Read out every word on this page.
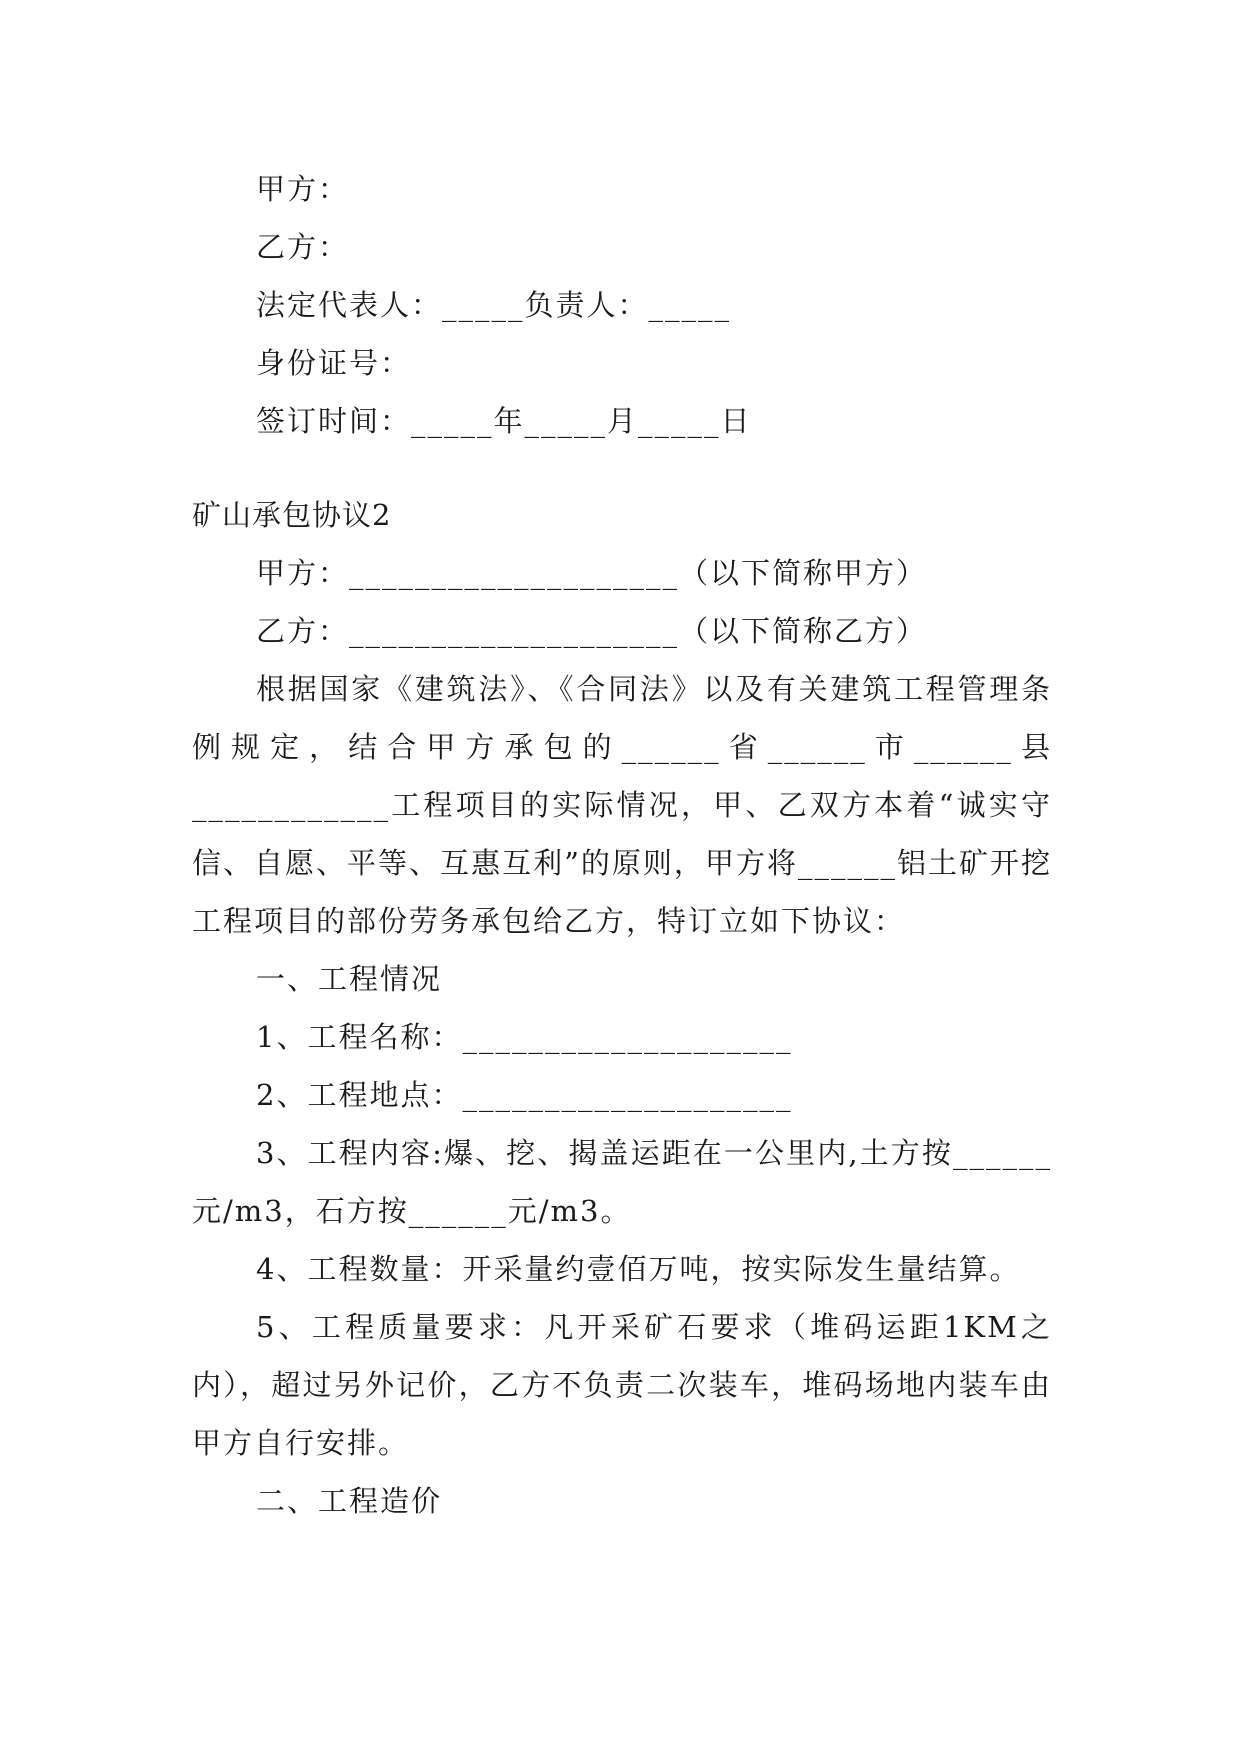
甲方：
乙方：
法定代表人：_____负责人：_____
身份证号：
签订时间：_____年_____月_____日
矿山承包协议2
甲方：____________________（以下简称甲方）
乙方：____________________（以下简称乙方）

根据国家《建筑法》、《合同法》以及有关建筑工程管理条例规定，结合甲方承包的______省______市______县____________工程项目的实际情况，甲、乙双方本着“诚实守信、自愿、平等、互惠互利”的原则，甲方将______铝土矿开挖工程项目的部份劳务承包给乙方，特订立如下协议：

一、工程情况
1、工程名称：____________________
2、工程地点：____________________

3、工程内容:爆、挖、揭盖运距在一公里内,土方按______元/m3，石方按______元/m3。

4、工程数量：开采量约壹佰万吨，按实际发生量结算。

5、工程质量要求：凡开采矿石要求（堆码运距1KM之内），超过另外记价，乙方不负责二次装车，堆码场地内装车由甲方自行安排。

二、工程造价
